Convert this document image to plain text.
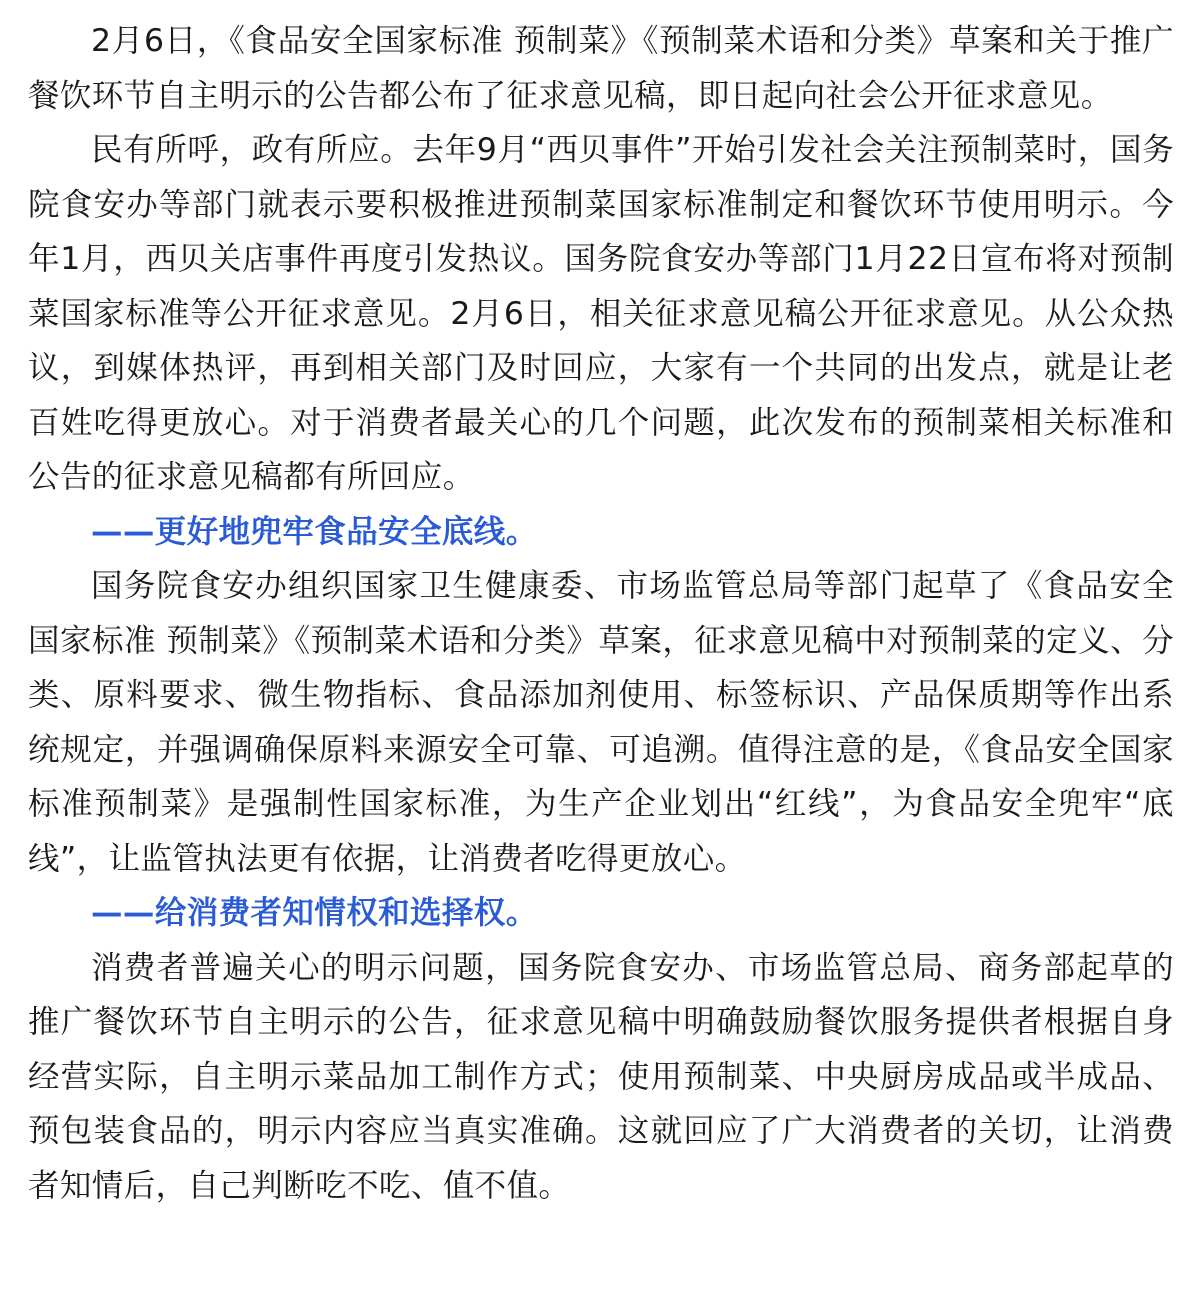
2月6日，《食品安全国家标准 预制菜》《预制菜术语和分类》草案和关于推广餐饮环节自主明示的公告都公布了征求意见稿，即日起向社会公开征求意见。

民有所呼，政有所应。去年9月“西贝事件”开始引发社会关注预制菜时，国务院食安办等部门就表示要积极推进预制菜国家标准制定和餐饮环节使用明示。今年1月，西贝关店事件再度引发热议。国务院食安办等部门1月22日宣布将对预制菜国家标准等公开征求意见。2月6日，相关征求意见稿公开征求意见。从公众热议，到媒体热评，再到相关部门及时回应，大家有一个共同的出发点，就是让老百姓吃得更放心。对于消费者最关心的几个问题，此次发布的预制菜相关标准和公告的征求意见稿都有所回应。

——更好地兜牢食品安全底线。

国务院食安办组织国家卫生健康委、市场监管总局等部门起草了《食品安全国家标准 预制菜》《预制菜术语和分类》草案，征求意见稿中对预制菜的定义、分类、原料要求、微生物指标、食品添加剂使用、标签标识、产品保质期等作出系统规定，并强调确保原料来源安全可靠、可追溯。值得注意的是，《食品安全国家标准预制菜》是强制性国家标准，为生产企业划出“红线”，为食品安全兜牢“底线”，让监管执法更有依据，让消费者吃得更放心。

——给消费者知情权和选择权。

消费者普遍关心的明示问题，国务院食安办、市场监管总局、商务部起草的推广餐饮环节自主明示的公告，征求意见稿中明确鼓励餐饮服务提供者根据自身经营实际，自主明示菜品加工制作方式；使用预制菜、中央厨房成品或半成品、预包装食品的，明示内容应当真实准确。这就回应了广大消费者的关切，让消费者知情后，自己判断吃不吃、值不值。
